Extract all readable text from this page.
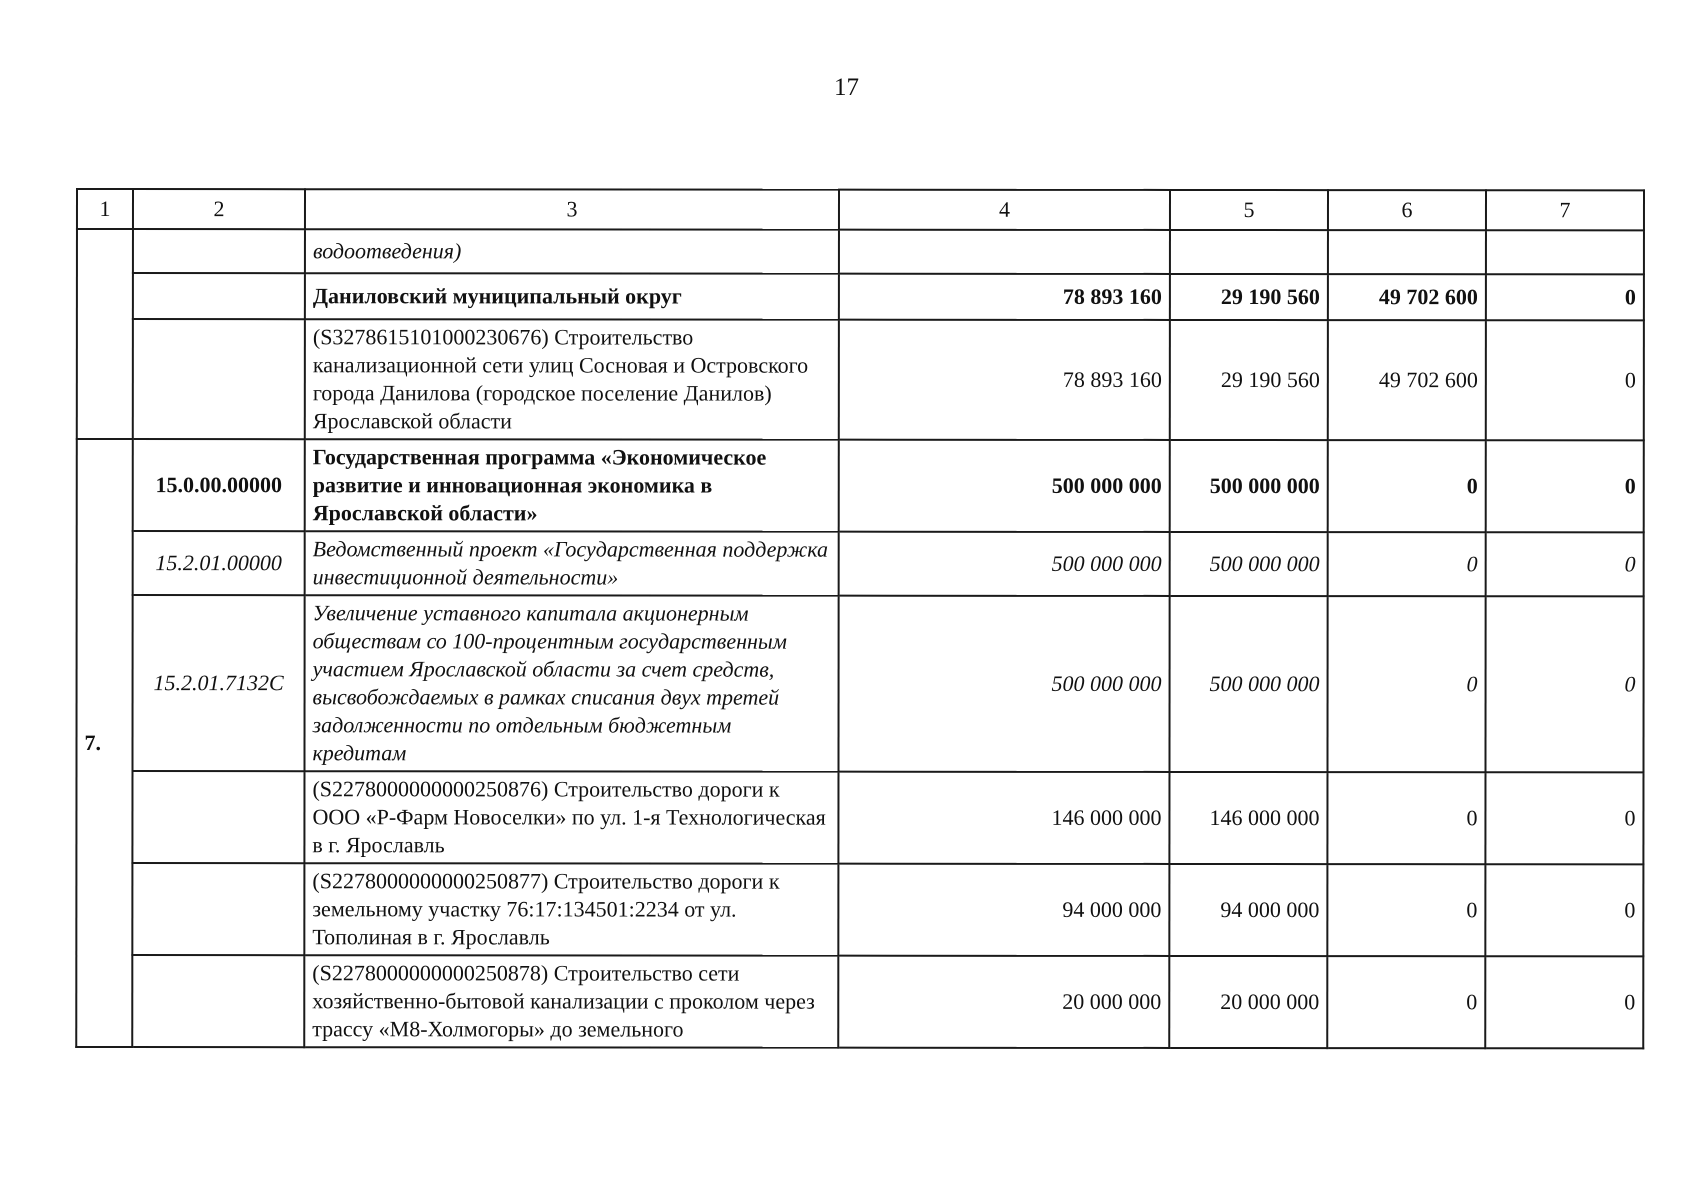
17
1	2	3	4	5	6	7
		водоотведения)				
		Даниловский муниципальный округ	78 893 160	29 190 560	49 702 600	0
		(S3278615101000230676) Строительство канализационной сети улиц Сосновая и Островского города Данилова (городское поселение Данилов) Ярославской области	78 893 160	29 190 560	49 702 600	0
7.	15.0.00.00000	Государственная программа «Экономическое развитие и инновационная экономика в Ярославской области»	500 000 000	500 000 000	0	0
	15.2.01.00000	Ведомственный проект «Государственная поддержка инвестиционной деятельности»	500 000 000	500 000 000	0	0
	15.2.01.7132С	Увеличение уставного капитала акционерным обществам со 100-процентным государственным участием Ярославской области за счет средств, высвобождаемых в рамках списания двух третей задолженности по отдельным бюджетным кредитам	500 000 000	500 000 000	0	0
		(S2278000000000250876) Строительство дороги к ООО «Р-Фарм Новоселки» по ул. 1-я Технологическая в г. Ярославль	146 000 000	146 000 000	0	0
		(S2278000000000250877) Строительство дороги к земельному участку 76:17:134501:2234 от ул. Тополиная в г. Ярославль	94 000 000	94 000 000	0	0
		(S2278000000000250878) Строительство сети хозяйственно-бытовой канализации с проколом через трассу «М8-Холмогоры» до земельного	20 000 000	20 000 000	0	0
